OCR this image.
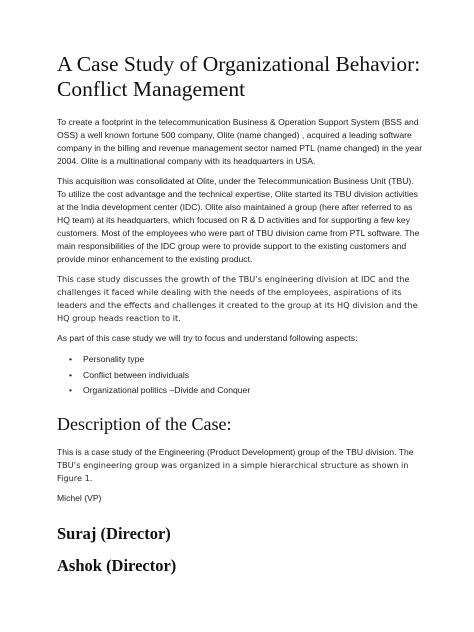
A Case Study of Organizational Behavior: Conflict Management

To create a footprint in the telecommunication Business & Operation Support System (BSS and OSS) a well known fortune 500 company, Olite (name changed) , acquired a leading software company in the billing and revenue management sector named PTL (name changed) in the year 2004. Olite is a multinational company with its headquarters in USA.

This acquisition was consolidated at Olite, under the Telecommunication Business Unit (TBU). To utilize the cost advantage and the technical expertise, Olite started its TBU division activities at the India development center (IDC). Olite also maintained a group (here after referred to as HQ team) at its headquarters, which focused on R & D activities and for supporting a few key customers. Most of the employees who were part of TBU division came from PTL software. The main responsibilities of the IDC group were to provide support to the existing customers and provide minor enhancement to the existing product.

This case study discusses the growth of the TBU’s engineering division at IDC and the challenges it faced while dealing with the needs of the employees, aspirations of its leaders and the effects and challenges it created to the group at its HQ division and the HQ group heads reaction to it.

As part of this case study we will try to focus and understand following aspects:

• Personality type
• Conflict between individuals
• Organizational politics –Divide and Conquer
Description of the Case:

This is a case study of the Engineering (Product Development) group of the TBU division. The

TBU’s engineering group was organized in a simple hierarchical structure as shown in Figure 1.

Michel (VP)

Suraj (Director)
Ashok (Director)
